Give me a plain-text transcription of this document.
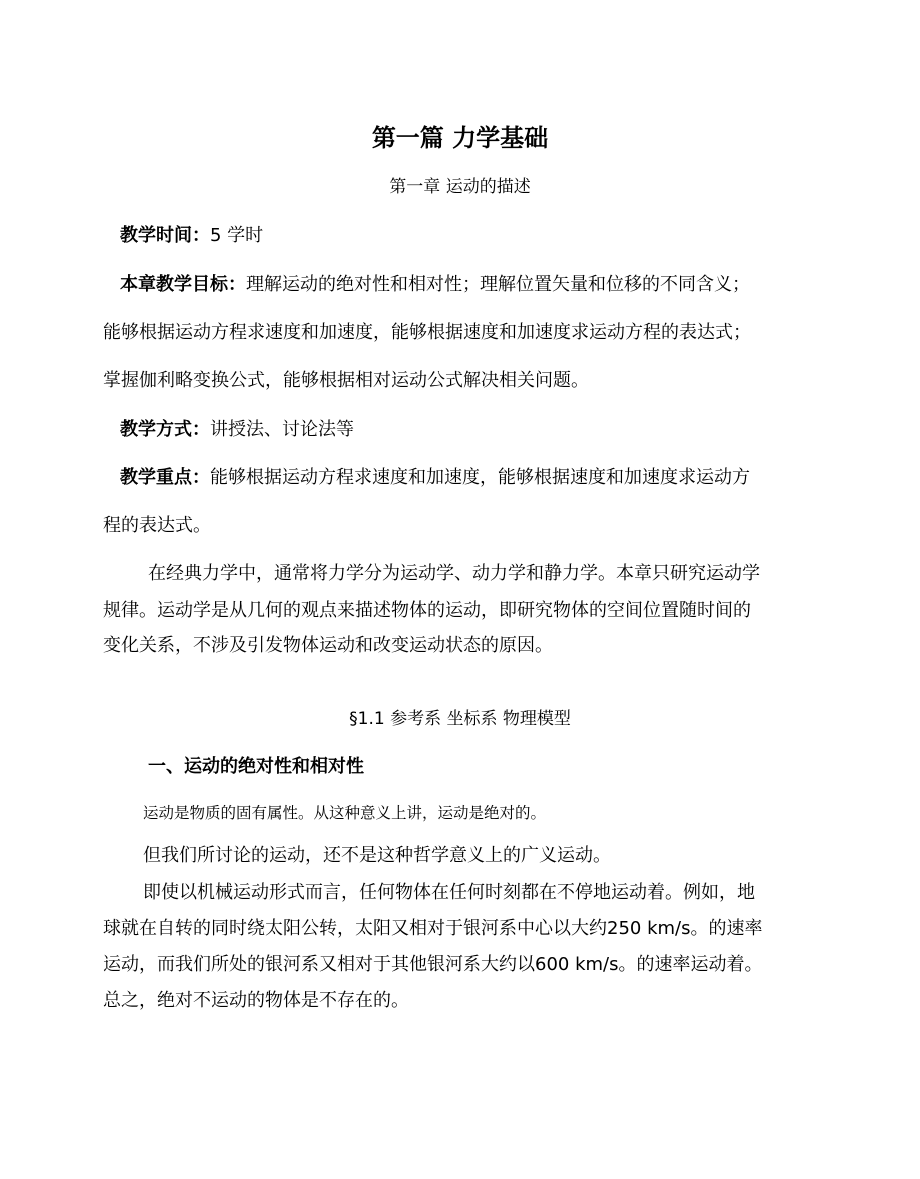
第一篇 力学基础
第一章 运动的描述
教学时间：5 学时
本章教学目标：理解运动的绝对性和相对性；理解位置矢量和位移的不同含义；
能够根据运动方程求速度和加速度，能够根据速度和加速度求运动方程的表达式；
掌握伽利略变换公式，能够根据相对运动公式解决相关问题。
教学方式：讲授法、讨论法等
教学重点：能够根据运动方程求速度和加速度，能够根据速度和加速度求运动方
程的表达式。
在经典力学中，通常将力学分为运动学、动力学和静力学。本章只研究运动学
规律。运动学是从几何的观点来描述物体的运动，即研究物体的空间位置随时间的
变化关系，不涉及引发物体运动和改变运动状态的原因。
§1.1 参考系 坐标系 物理模型
一、运动的绝对性和相对性
运动是物质的固有属性。从这种意义上讲，运动是绝对的。
但我们所讨论的运动，还不是这种哲学意义上的广义运动。
即使以机械运动形式而言，任何物体在任何时刻都在不停地运动着。例如，地
球就在自转的同时绕太阳公转，太阳又相对于银河系中心以大约250 km/s。的速率
运动，而我们所处的银河系又相对于其他银河系大约以600 km/s。的速率运动着。
总之，绝对不运动的物体是不存在的。
